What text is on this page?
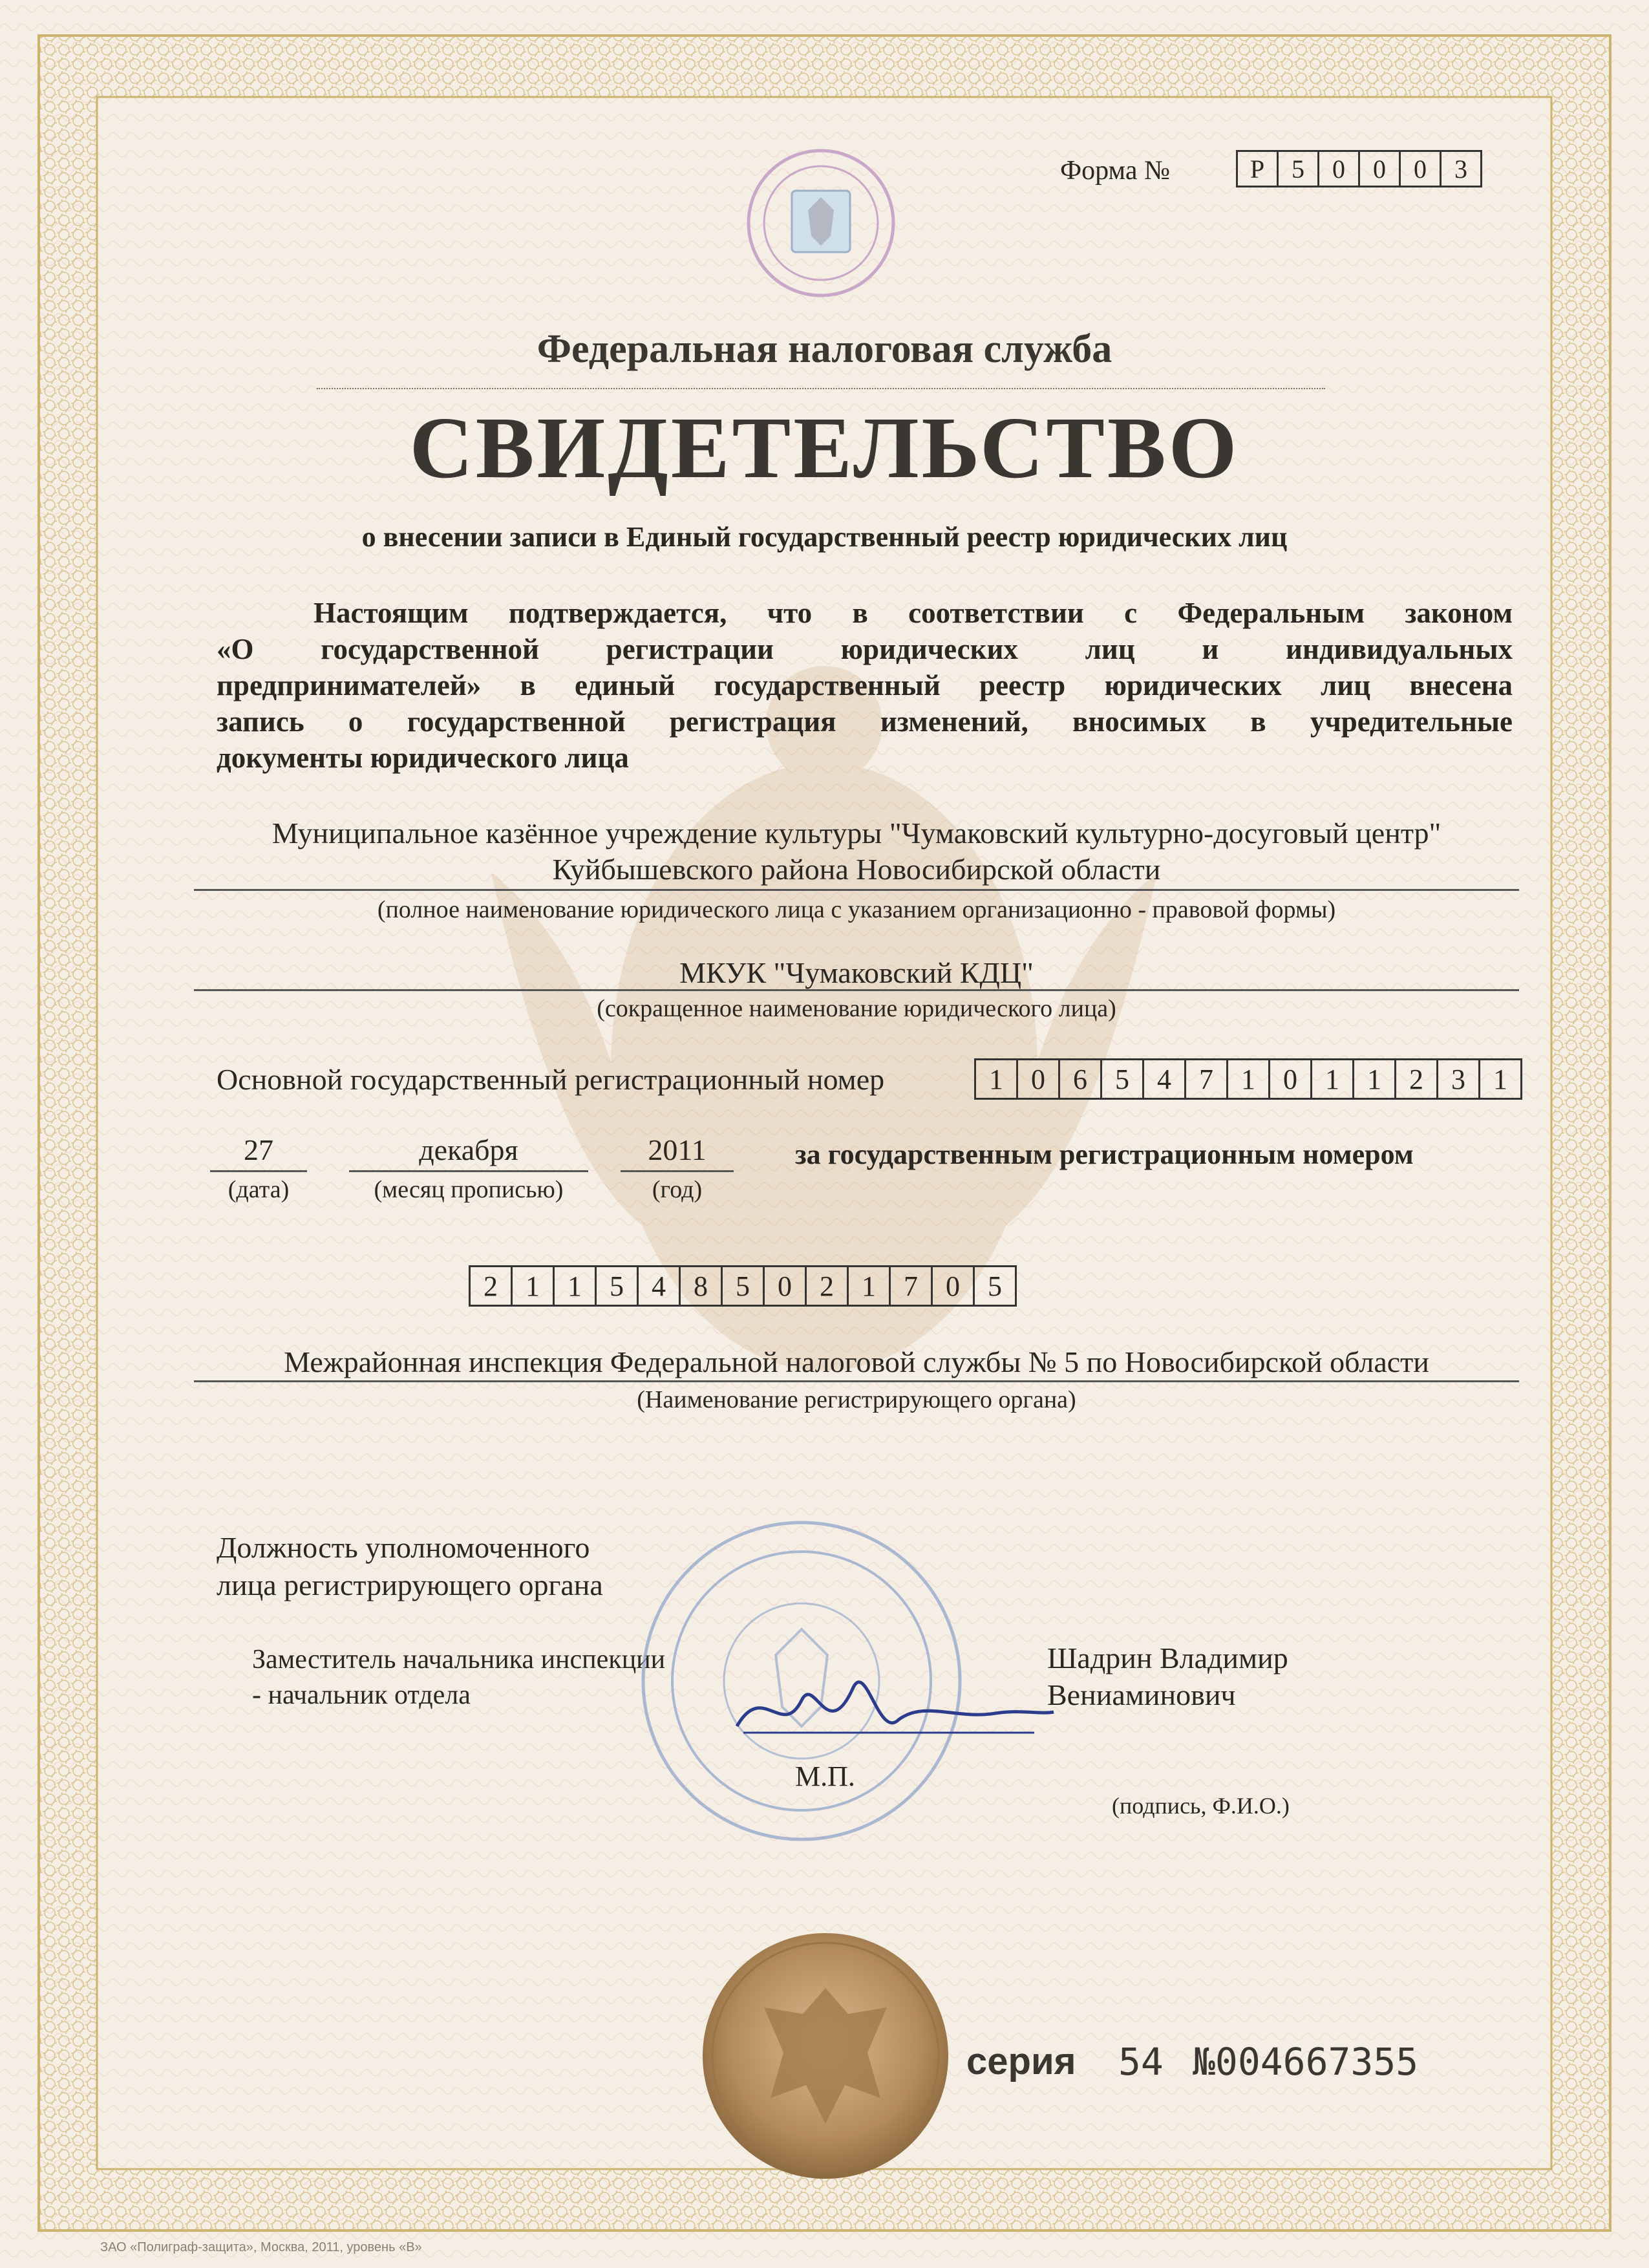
Форма №	Р	5	0	0	0	3
Федеральная налоговая служба
СВИДЕТЕЛЬСТВО
о внесении записи в Единый государственный реестр юридических лиц
Настоящим подтверждается, что в соответствии с Федеральным законом
«О государственной регистрации юридических лиц и индивидуальных
предпринимателей» в единый государственный реестр юридических лиц внесена
запись о государственной регистрация изменений, вносимых в учредительные
документы юридического лица
Муниципальное казённое учреждение культуры "Чумаковский культурно-досуговый центр"
Куйбышевского района Новосибирской области
(полное наименование юридического лица с указанием организационно - правовой формы)
МКУК "Чумаковский КДЦ"
(сокращенное наименование юридического лица)
Основной государственный регистрационный номер	1 0 6 5 4 7 1 0 1 1 2 3 1
27
(дата)
декабря
(месяц прописью)
2011
(год)
за государственным регистрационным номером
2 1 1 5 4 8 5 0 2 1 7 0 5
Межрайонная инспекция Федеральной налоговой службы № 5 по Новосибирской области
(Наименование регистрирующего органа)
Должность уполномоченного
лица регистрирующего органа
Заместитель начальника инспекции
- начальник отдела
Шадрин Владимир
Вениаминович
М.П.
(подпись, Ф.И.О.)
серия 54 №004667355
ЗАО «Полиграф-защита», Москва, 2011, уровень «В»
